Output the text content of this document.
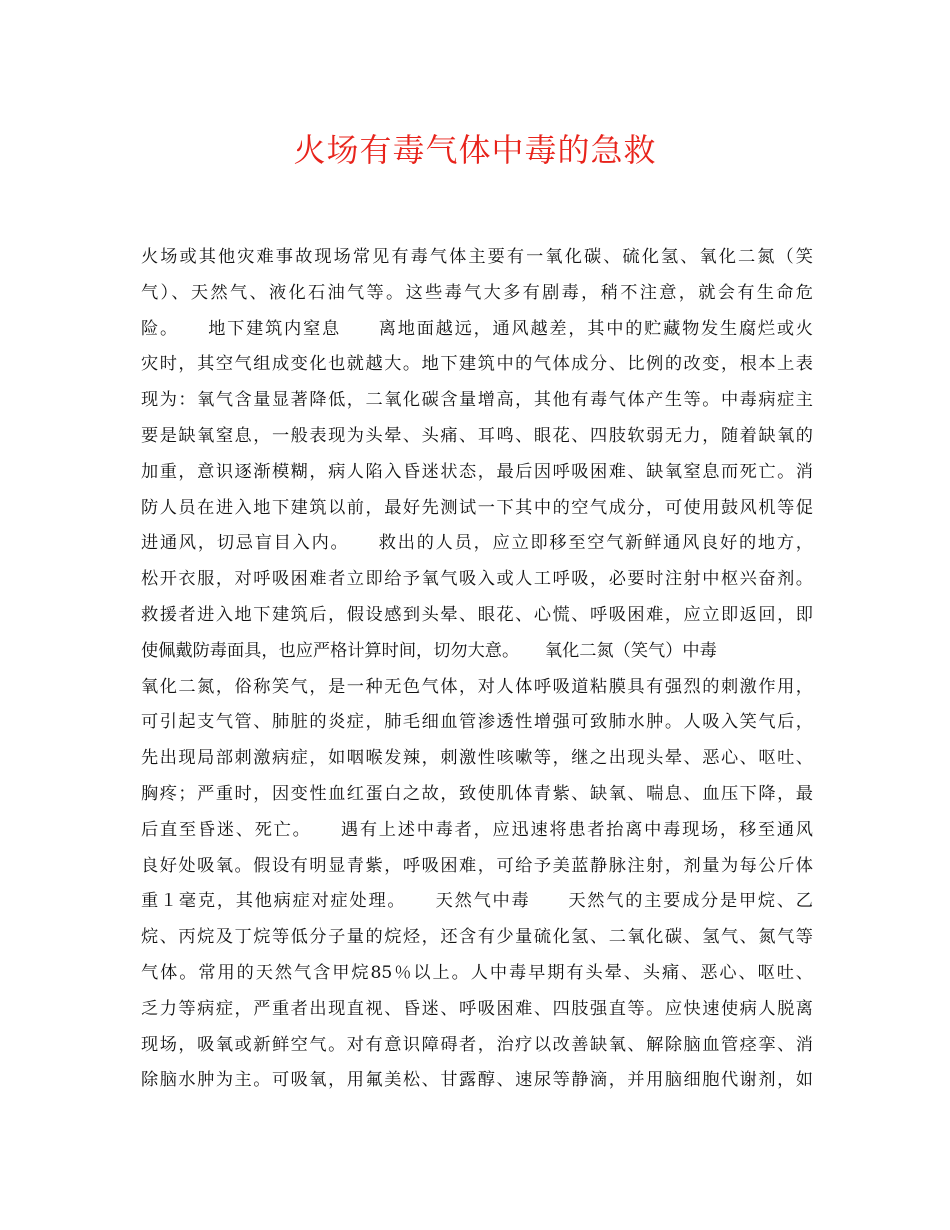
火场有毒气体中毒的急救
火场或其他灾难事故现场常见有毒气体主要有一氧化碳、硫化氢、氧化二氮（笑
气）、天然气、液化石油气等。这些毒气大多有剧毒，稍不注意，就会有生命危
险。　　地下建筑内窒息　　离地面越远，通风越差，其中的贮藏物发生腐烂或火
灾时，其空气组成变化也就越大。地下建筑中的气体成分、比例的改变，根本上表
现为：氧气含量显著降低，二氧化碳含量增高，其他有毒气体产生等。中毒病症主
要是缺氧窒息，一般表现为头晕、头痛、耳鸣、眼花、四肢软弱无力，随着缺氧的
加重，意识逐渐模糊，病人陷入昏迷状态，最后因呼吸困难、缺氧窒息而死亡。消
防人员在进入地下建筑以前，最好先测试一下其中的空气成分，可使用鼓风机等促
进通风，切忌盲目入内。　　救出的人员，应立即移至空气新鲜通风良好的地方，
松开衣服，对呼吸困难者立即给予氧气吸入或人工呼吸，必要时注射中枢兴奋剂。
救援者进入地下建筑后，假设感到头晕、眼花、心慌、呼吸困难，应立即返回，即
使佩戴防毒面具，也应严格计算时间，切勿大意。　　氧化二氮（笑气）中毒
氧化二氮，俗称笑气，是一种无色气体，对人体呼吸道粘膜具有强烈的刺激作用，
可引起支气管、肺脏的炎症，肺毛细血管渗透性增强可致肺水肿。人吸入笑气后，
先出现局部刺激病症，如咽喉发辣，刺激性咳嗽等，继之出现头晕、恶心、呕吐、
胸疼；严重时，因变性血红蛋白之故，致使肌体青紫、缺氧、喘息、血压下降，最
后直至昏迷、死亡。　　遇有上述中毒者，应迅速将患者抬离中毒现场，移至通风
良好处吸氧。假设有明显青紫，呼吸困难，可给予美蓝静脉注射，剂量为每公斤体
重１毫克，其他病症对症处理。　　天然气中毒　　天然气的主要成分是甲烷、乙
烷、丙烷及丁烷等低分子量的烷烃，还含有少量硫化氢、二氧化碳、氢气、氮气等
气体。常用的天然气含甲烷85％以上。人中毒早期有头晕、头痛、恶心、呕吐、
乏力等病症，严重者出现直视、昏迷、呼吸困难、四肢强直等。应快速使病人脱离
现场，吸氧或新鲜空气。对有意识障碍者，治疗以改善缺氧、解除脑血管痉挛、消
除脑水肿为主。可吸氧，用氟美松、甘露醇、速尿等静滴，并用脑细胞代谢剂，如
